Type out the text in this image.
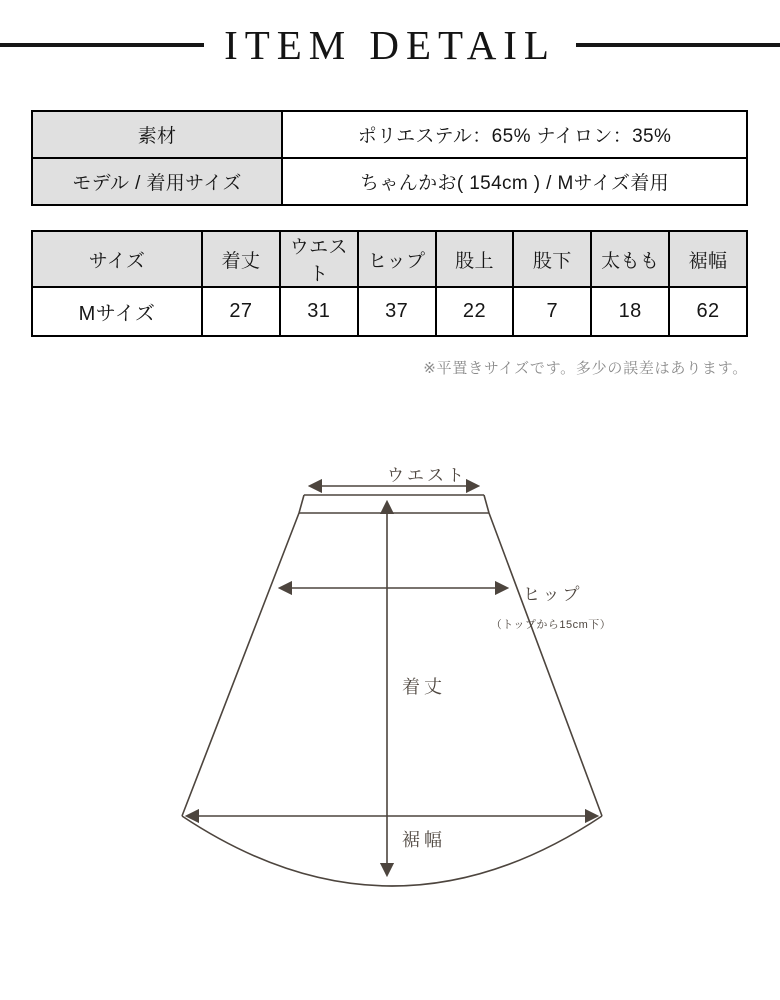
ITEM DETAIL
素材	ポリエステル：65% ナイロン：35%
モデル / 着用サイズ	ちゃんかお( 154cm ) / Mサイズ着用
サイズ	着丈	ウエスト	ヒップ	股上	股下	太もも	裾幅
Mサイズ	27	31	37	22	7	18	62
※平置きサイズです。多少の誤差はあります。
ウエスト
ヒップ
（トップから15cm下）
着丈
裾幅
